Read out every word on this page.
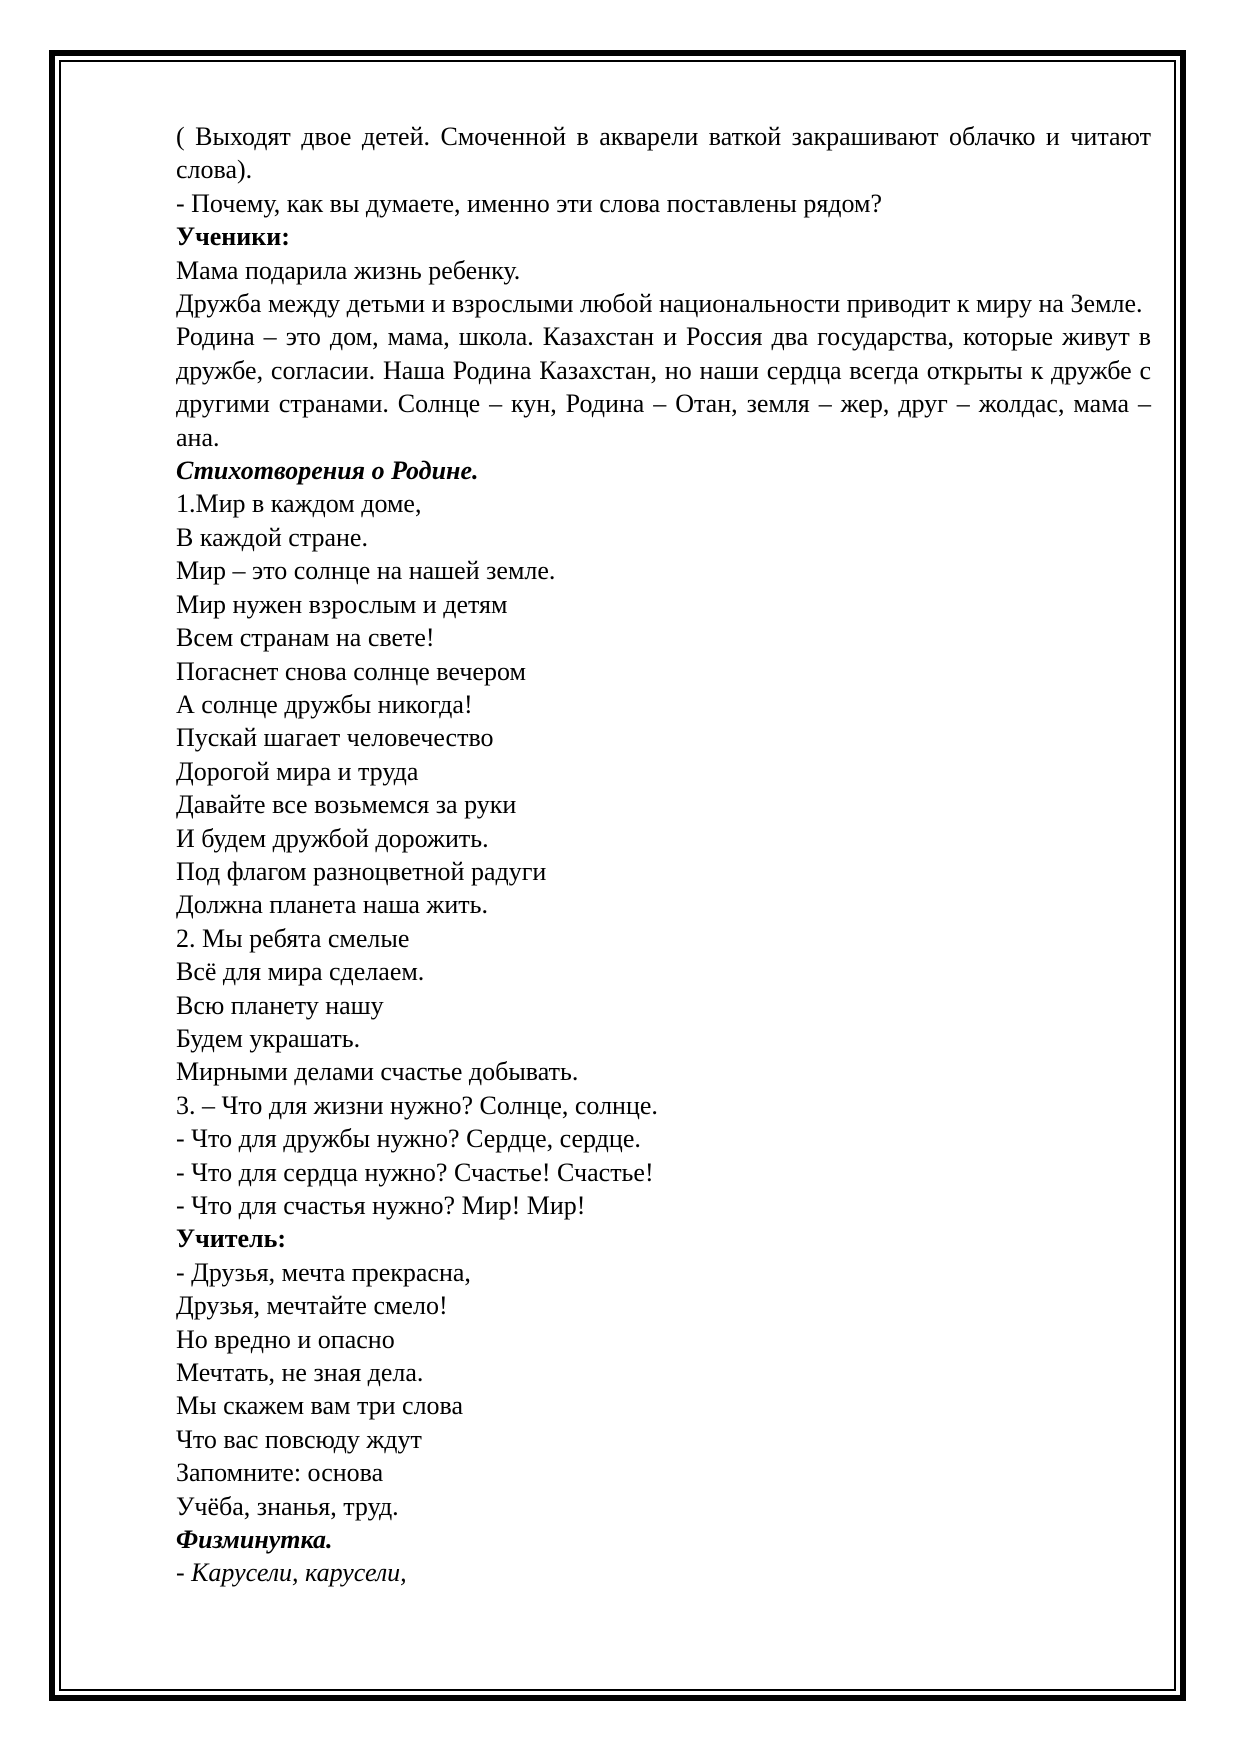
( Выходят двое детей. Смоченной в акварели ваткой закрашивают облачко и читают слова).
- Почему, как вы думаете, именно эти слова поставлены рядом?
Ученики:
Мама подарила жизнь ребенку.
Дружба между детьми и взрослыми любой национальности приводит к миру на Земле.
Родина – это дом, мама, школа. Казахстан и Россия два государства, которые живут в дружбе, согласии. Наша Родина Казахстан, но наши сердца всегда открыты к дружбе с другими странами. Солнце – кун, Родина – Отан, земля – жер, друг – жолдас, мама – ана.
Стихотворения о Родине.
1.Мир в каждом доме,
В каждой стране.
Мир – это солнце на нашей земле.
Мир нужен взрослым и детям
Всем странам на свете!
Погаснет снова солнце вечером
А солнце дружбы никогда!
Пускай шагает человечество
Дорогой мира и труда
Давайте все возьмемся за руки
И будем дружбой дорожить.
Под флагом разноцветной радуги
Должна планета наша жить.
2. Мы ребята смелые
Всё для мира сделаем.
Всю планету нашу
Будем украшать.
Мирными делами счастье добывать.
3. – Что для жизни нужно? Солнце, солнце.
- Что для дружбы нужно? Сердце, сердце.
- Что для сердца нужно? Счастье! Счастье!
- Что для счастья нужно? Мир! Мир!
Учитель:
- Друзья, мечта прекрасна,
Друзья, мечтайте смело!
Но вредно и опасно
Мечтать, не зная дела.
Мы скажем вам три слова
Что вас повсюду ждут
Запомните: основа
Учёба, знанья, труд.
Физминутка.
- Карусели, карусели,
